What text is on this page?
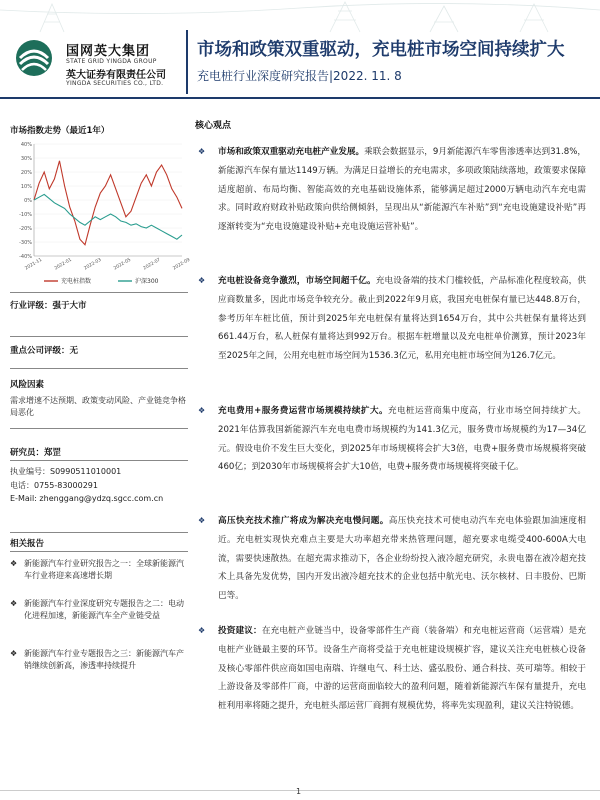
国网英大集团
STATE GRID YINGDA GROUP
英大证券有限责任公司
YINGDA SECURITIES CO., LTD.
市场和政策双重驱动，充电桩市场空间持续扩大
充电桩行业深度研究报告|2022. 11. 8
市场指数走势（最近1年）
40%
30%
20%
10%
0%
-10%
-20%
-30%
-40%
2021-11 2022-01 2022-03 2022-05 2022-07 2022-09
充电桩指数	沪深300
行业评级：强于大市
重点公司评级：无
风险因素
需求增速不达预期、政策变动风险、产业链竞争格局恶化
研究员：郑罡
执业编号：S0990511010001
电话：0755-83000291
E-Mail: zhenggang@ydzq.sgcc.com.cn
相关报告
❖ 新能源汽车行业研究报告之一：全球新能源汽车行业将迎来高速增长期
❖ 新能源汽车行业深度研究专题报告之二：电动化进程加速，新能源汽车全产业链受益
❖ 新能源汽车行业专题报告之三：新能源汽车产销继续创新高，渗透率持续提升
核心观点
❖ 市场和政策双重驱动充电桩产业发展。乘联会数据显示，9月新能源汽车零售渗透率达到31.8%，新能源汽车保有量达1149万辆。为满足日益增长的充电需求，多项政策陆续落地，政策要求保障适度超前、布局均衡、智能高效的充电基础设施体系，能够满足超过2000万辆电动汽车充电需求。同时政府财政补贴政策向供给侧倾斜，呈现出从“新能源汽车补贴”到“充电设施建设补贴”再逐渐转变为“充电设施建设补贴+充电设施运营补贴”。
❖ 充电桩设备竞争激烈，市场空间超千亿。充电设备端的技术门槛较低，产品标准化程度较高，供应商数量多，因此市场竞争较充分。截止到2022年9月底，我国充电桩保有量已达448.8万台，参考历年车桩比值，预计到2025年充电桩保有量将达到1654万台，其中公共桩保有量将达到661.44万台，私人桩保有量将达到992万台。根据车桩增量以及充电桩单价测算，预计2023年至2025年之间，公用充电桩市场空间为1536.3亿元，私用充电桩市场空间为126.7亿元。
❖ 充电费用+服务费运营市场规模持续扩大。充电桩运营商集中度高，行业市场空间持续扩大。2021年估算我国新能源汽车充电电费市场规模约为141.3亿元，服务费市场规模约为17—34亿元。假设电价不发生巨大变化，到2025年市场规模将会扩大3倍，电费+服务费市场规模将突破460亿；到2030年市场规模将会扩大10倍，电费+服务费市场规模将突破千亿。
❖ 高压快充技术推广将成为解决充电慢问题。高压快充技术可使电动汽车充电体验跟加油速度相近。充电桩实现快充难点主要是大功率超充带来热管理问题，超充要求电缆受400-600A大电流，需要快速散热。在超充需求推动下，各企业纷纷投入液冷超充研究，永贵电器在液冷超充技术上具备先发优势，国内开发出液冷超充技术的企业包括中航光电、沃尔核材、日丰股份、巴斯巴等。
❖ 投资建议：在充电桩产业链当中，设备零部件生产商（装备端）和充电桩运营商（运营端）是充电桩产业链最主要的环节。设备生产商将受益于充电桩建设规模扩容，建议关注充电桩核心设备及核心零部件供应商如国电南瑞、许继电气、科士达、盛弘股份、通合科技、英可瑞等。相较于上游设备及零部件厂商，中游的运营商面临较大的盈利问题，随着新能源汽车保有量提升，充电桩利用率将随之提升，充电桩头部运营厂商拥有规模优势，将率先实现盈利，建议关注特锐德。
1
